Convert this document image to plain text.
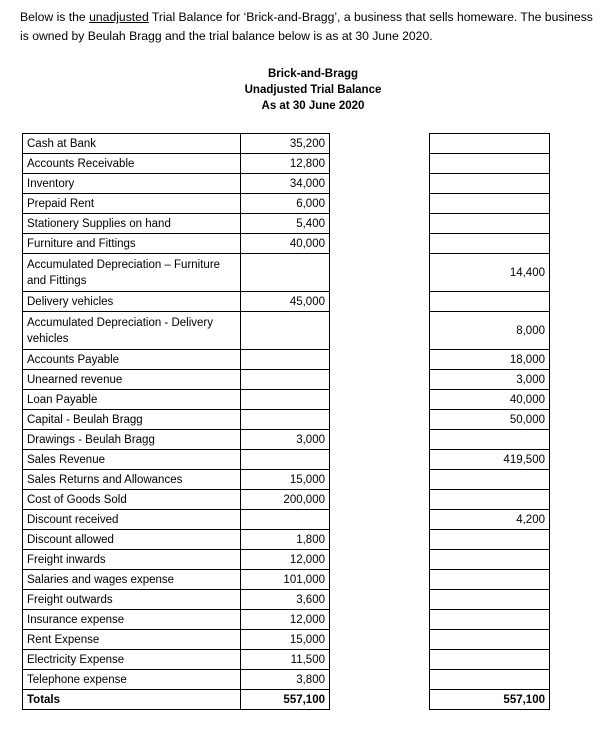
Below is the unadjusted Trial Balance for ‘Brick-and-Bragg’, a business that sells homeware. The business is owned by Beulah Bragg and the trial balance below is as at 30 June 2020.
Brick-and-Bragg
Unadjusted Trial Balance
As at 30 June 2020
Cash at Bank	35,200		
Accounts Receivable	12,800		
Inventory	34,000		
Prepaid Rent	6,000		
Stationery Supplies on hand	5,400		
Furniture and Fittings	40,000		
Accumulated Depreciation – Furniture and Fittings			14,400
Delivery vehicles	45,000		
Accumulated Depreciation - Delivery vehicles			8,000
Accounts Payable			18,000
Unearned revenue			3,000
Loan Payable			40,000
Capital - Beulah Bragg			50,000
Drawings - Beulah Bragg	3,000		
Sales Revenue			419,500
Sales Returns and Allowances	15,000		
Cost of Goods Sold	200,000		
Discount received			4,200
Discount allowed	1,800		
Freight inwards	12,000		
Salaries and wages expense	101,000		
Freight outwards	3,600		
Insurance expense	12,000		
Rent Expense	15,000		
Electricity Expense	11,500		
Telephone expense	3,800		
Totals	557,100		557,100
